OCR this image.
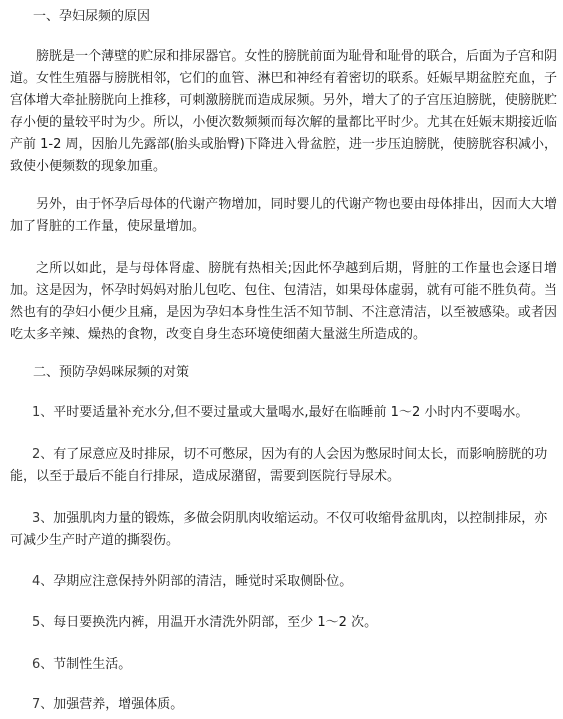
一、孕妇尿频的原因
膀胱是一个薄壁的贮尿和排尿器官。女性的膀胱前面为耻骨和耻骨的联合，后面为子宫和阴道。女性生殖器与膀胱相邻，它们的血管、淋巴和神经有着密切的联系。妊娠早期盆腔充血，子宫体增大牵扯膀胱向上推移，可刺激膀胱而造成尿频。另外，增大了的子宫压迫膀胱，使膀胱贮存小便的量较平时为少。所以，小便次数频频而每次解的量都比平时少。尤其在妊娠末期接近临产前 1-2 周，因胎儿先露部(胎头或胎臀)下降进入骨盆腔，进一步压迫膀胱，使膀胱容积减小，致使小便频数的现象加重。
另外，由于怀孕后母体的代谢产物增加，同时婴儿的代谢产物也要由母体排出，因而大大增加了肾脏的工作量，使尿量增加。
之所以如此，是与母体肾虚、膀胱有热相关;因此怀孕越到后期，肾脏的工作量也会逐日增加。这是因为，怀孕时妈妈对胎儿包吃、包住、包清洁，如果母体虚弱，就有可能不胜负荷。当然也有的孕妇小便少且痛，是因为孕妇本身性生活不知节制、不注意清洁，以至被感染。或者因吃太多辛辣、燥热的食物，改变自身生态环境使细菌大量滋生所造成的。
二、预防孕妈咪尿频的对策
1、平时要适量补充水分,但不要过量或大量喝水,最好在临睡前 1～2 小时内不要喝水。
2、有了尿意应及时排尿，切不可憋尿，因为有的人会因为憋尿时间太长，而影响膀胱的功能，以至于最后不能自行排尿，造成尿潴留，需要到医院行导尿术。
3、加强肌肉力量的锻炼，多做会阴肌肉收缩运动。不仅可收缩骨盆肌肉，以控制排尿，亦可减少生产时产道的撕裂伤。
4、孕期应注意保持外阴部的清洁，睡觉时采取侧卧位。
5、每日要换洗内裤，用温开水清洗外阴部，至少 1～2 次。
6、节制性生活。
7、加强营养，增强体质。
